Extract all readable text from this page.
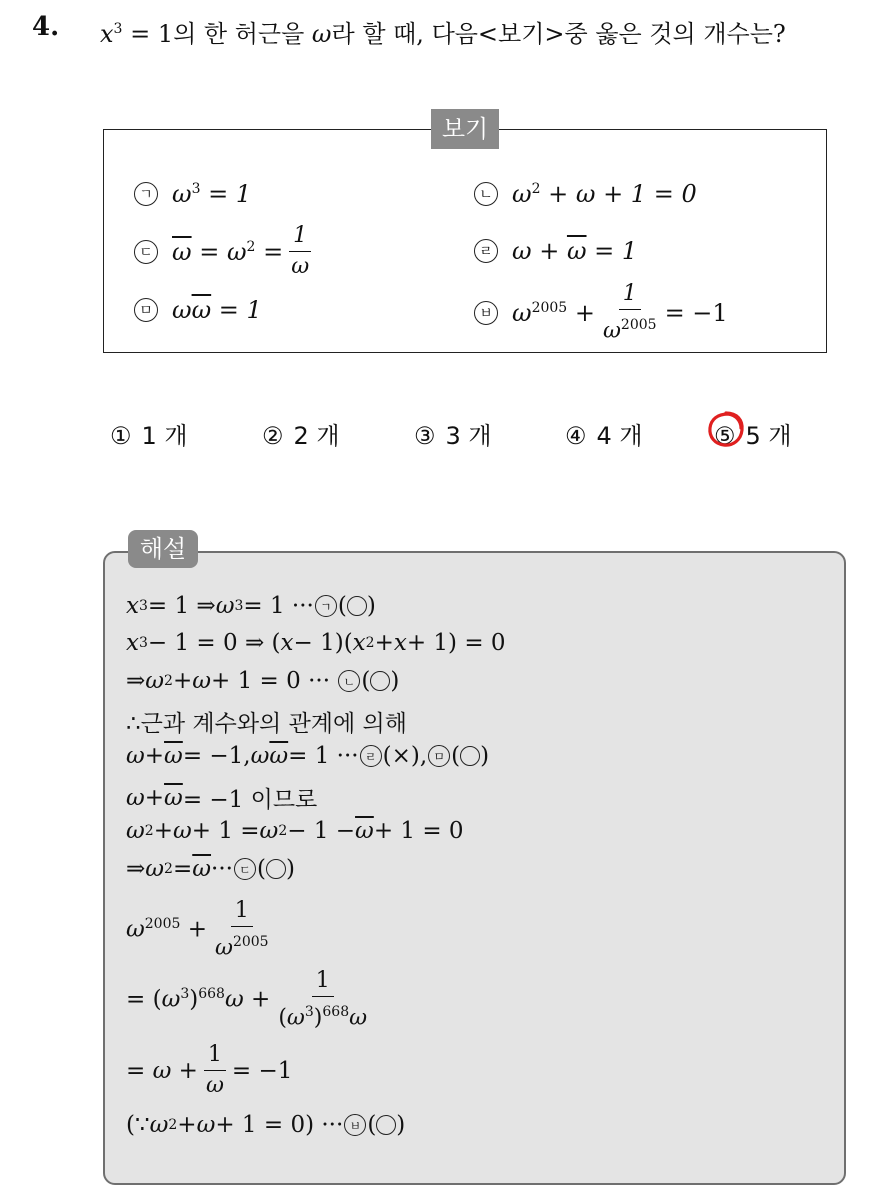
4. $x^3 = 1$의 한 허근을 ω라 할 때, 다음<보기>중 옳은 것의 개수는?
보기
ㄱ $\omega^3 = 1$	ㄴ $\omega^2 + \omega + 1 = 0$
ㄷ $\overline{\omega} = \omega^2 = \frac{1}{\omega}$	ㄹ $\omega + \overline{\omega} = 1$
ㅁ $\omega\overline{\omega} = 1$	ㅂ $\omega^{2005} + \frac{1}{\omega^{2005}} = -1$
① 1 개	② 2 개	③ 3 개	④ 4 개	⑤ 5 개
해설
x 3 = 1 ⇒ ω 3 = 1 ··· ㄱ ( )
x 3 − 1 = 0 ⇒ ( x − 1)( x 2 + x + 1) = 0
⇒ ω 2 + ω + 1 = 0 ··· ㄴ ( )
∴근과 계수와의 관계에 의해
$\omega + \overline{\omega} = -1$, ω $\overline{\omega} = 1$ ··· ㄹ (×), ㅁ ( )
$\omega + \overline{\omega} = -1$ 이므로
ω 2 + ω + 1 = ω $2 - 1 - \overline{\omega} + 1 = 0$
⇒ ω $2 = \overline{\omega}$ ··· ㄷ ( )
$\omega^{2005} + \frac{1}{\omega^{2005}}$
= $(\omega^3)^{668}\omega + \frac{1}{(\omega^3)^{668}\omega}$
= $\omega + \frac{1}{\omega} = -1$
(∵ ω 2 + ω + 1 = 0) ··· ㅂ ( )
